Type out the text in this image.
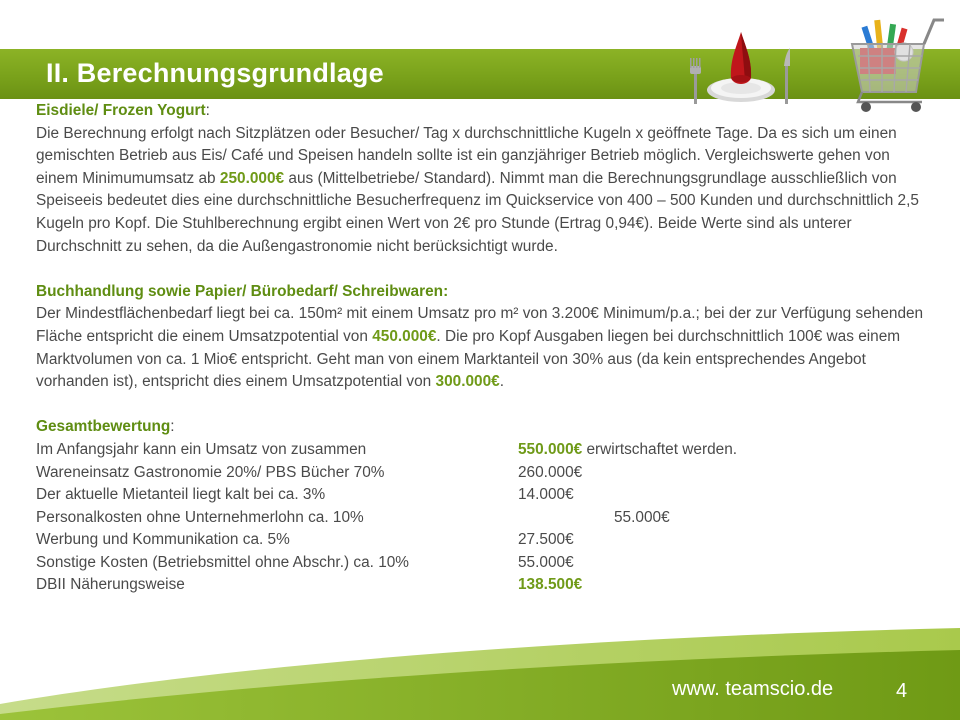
II. Berechnungsgrundlage

Eisdiele/ Frozen Yogurt:
Die Berechnung erfolgt nach Sitzplätzen oder Besucher/ Tag x durchschnittliche Kugeln x geöffnete Tage. Da es sich um einen gemischten Betrieb aus Eis/ Café und Speisen handeln sollte ist ein ganzjähriger Betrieb möglich. Vergleichswerte gehen von einem Minimumumsatz ab 250.000€ aus (Mittelbetriebe/ Standard). Nimmt man die Berechnungsgrundlage ausschließlich von Speiseeis bedeutet dies eine durchschnittliche Besucherfrequenz im Quickservice von 400 – 500 Kunden und durchschnittlich 2,5 Kugeln pro Kopf. Die Stuhlberechnung ergibt einen Wert von 2€ pro Stunde (Ertrag 0,94€). Beide Werte sind als unterer Durchschnitt zu sehen, da die Außengastronomie nicht berücksichtigt wurde.

Buchhandlung sowie Papier/ Bürobedarf/ Schreibwaren:
Der Mindestflächenbedarf liegt bei ca. 150m² mit einem Umsatz pro m² von 3.200€ Minimum/p.a.; bei der zur Verfügung sehenden Fläche entspricht die einem Umsatzpotential von 450.000€. Die pro Kopf Ausgaben liegen bei durchschnittlich 100€ was einem Marktvolumen von ca. 1 Mio€ entspricht. Geht man von einem Marktanteil von 30% aus (da kein entsprechendes Angebot vorhanden ist), entspricht dies einem Umsatzpotential von 300.000€.

Gesamtbewertung :
Im Anfangsjahr kann ein Umsatz von zusammen	550.000€ erwirtschaftet werden.
Wareneinsatz Gastronomie 20%/ PBS Bücher 70%	260.000€
Der aktuelle Mietanteil liegt kalt bei ca. 3%	14.000€
Personalkosten ohne Unternehmerlohn ca. 10%	55.000€
Werbung und Kommunikation ca. 5%	27.500€
Sonstige Kosten (Betriebsmittel ohne Abschr.) ca. 10%	55.000€
DBII Näherungsweise	138.500€
www. teamscio.de	4
